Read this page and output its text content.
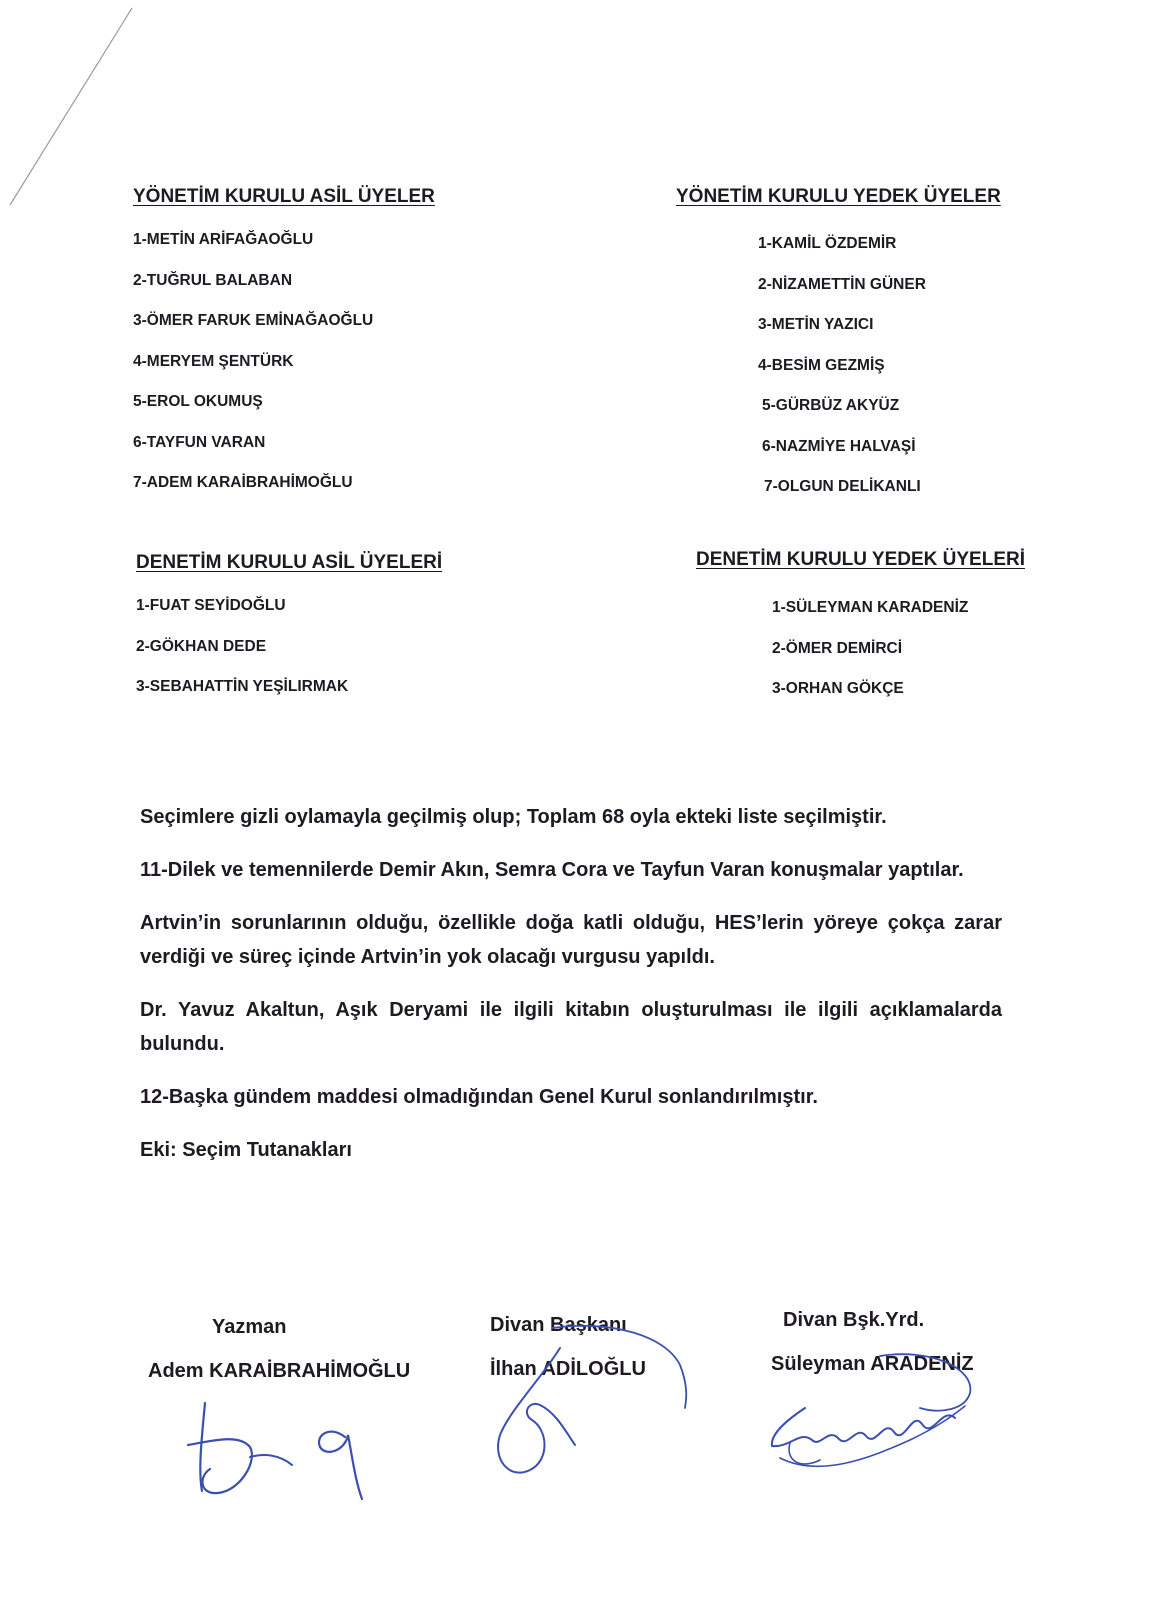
YÖNETİM KURULU ASİL ÜYELER
1-METİN ARİFAĞAOĞLU
2-TUĞRUL BALABAN
3-ÖMER FARUK EMİNAĞAOĞLU
4-MERYEM ŞENTÜRK
5-EROL OKUMUŞ
6-TAYFUN VARAN
7-ADEM KARAİBRAHİMOĞLU
YÖNETİM KURULU YEDEK ÜYELER
1-KAMİL ÖZDEMİR
2-NİZAMETTİN GÜNER
3-METİN YAZICI
4-BESİM GEZMİŞ
5-GÜRBÜZ AKYÜZ
6-NAZMİYE HALVAŞİ
7-OLGUN DELİKANLI
DENETİM KURULU ASİL ÜYELERİ
1-FUAT SEYİDOĞLU
2-GÖKHAN DEDE
3-SEBAHATTİN YEŞİLIRMAK
DENETİM KURULU YEDEK ÜYELERİ
1-SÜLEYMAN KARADENİZ
2-ÖMER DEMİRCİ
3-ORHAN GÖKÇE

Seçimlere gizli oylamayla geçilmiş olup; Toplam 68 oyla ekteki liste seçilmiştir.

11-Dilek ve temennilerde Demir Akın, Semra Cora ve Tayfun Varan konuşmalar yaptılar.

Artvin’in sorunlarının olduğu, özellikle doğa katli olduğu, HES’lerin yöreye çokça zarar verdiği ve süreç içinde Artvin’in yok olacağı vurgusu yapıldı.

Dr. Yavuz Akaltun, Aşık Deryami ile ilgili kitabın oluşturulması ile ilgili açıklamalarda bulundu.

12-Başka gündem maddesi olmadığından Genel Kurul sonlandırılmıştır.

Eki: Seçim Tutanakları

Yazman
Adem KARAİBRAHİMOĞLU
Divan Başkanı
İlhan ADİLOĞLU
Divan Bşk.Yrd.
Süleyman ARADENİZ
